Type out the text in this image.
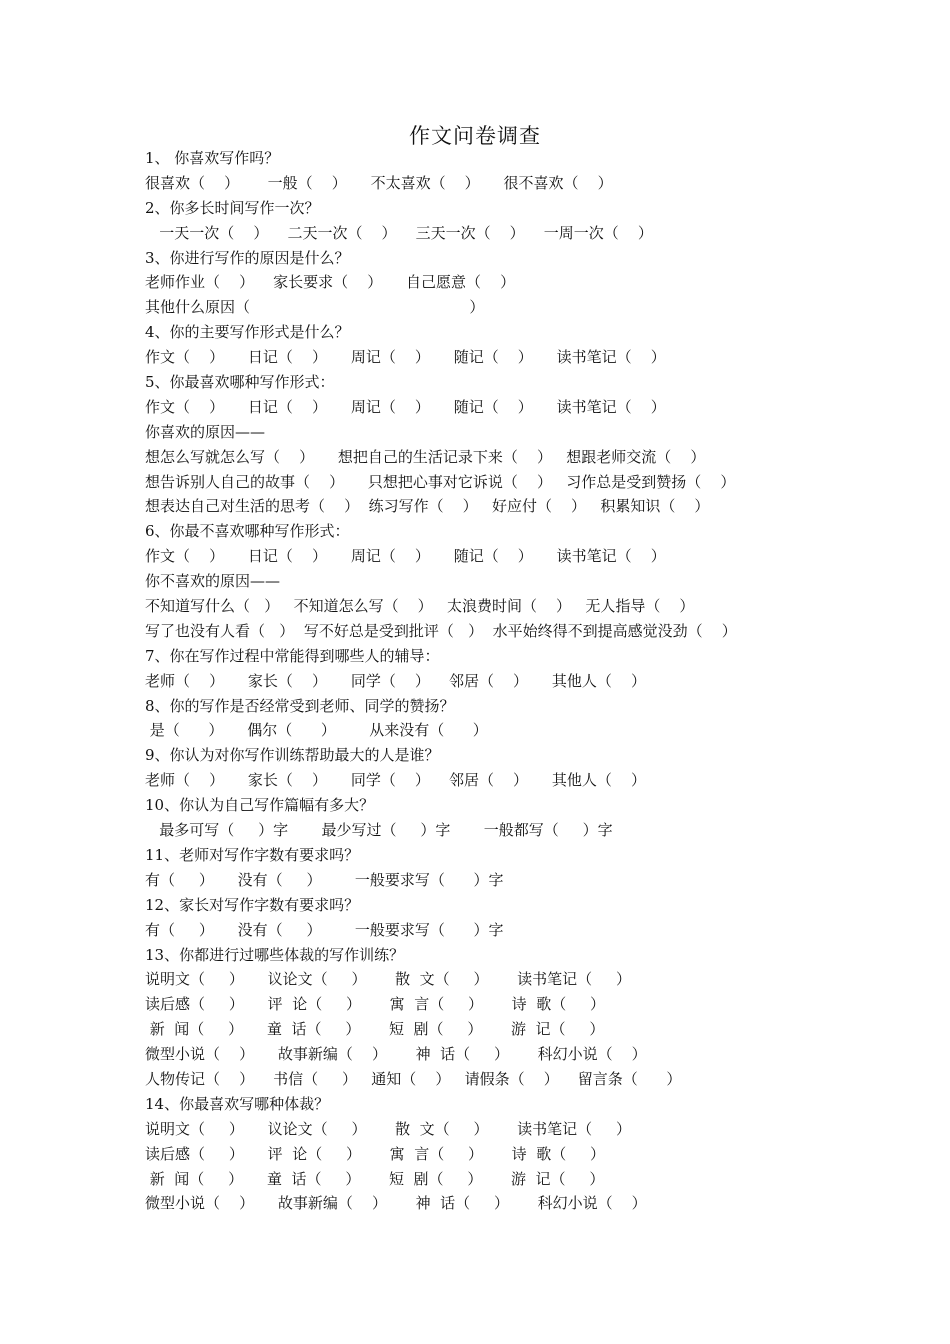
作文问卷调查
1、 你喜欢写作吗？
很喜欢（    ）      一般（    ）     不太喜欢（    ）     很不喜欢（    ）
2、你多长时间写作一次？
一天一次（    ）    二天一次（    ）    三天一次（    ）    一周一次（    ）
3、你进行写作的原因是什么？
老师作业（    ）    家长要求（    ）     自己愿意（    ）
其他什么原因（                                              ）
4、你的主要写作形式是什么？
作文（    ）     日记（    ）     周记（    ）     随记（    ）     读书笔记（    ）
5、你最喜欢哪种写作形式：
作文（    ）     日记（    ）     周记（    ）     随记（    ）     读书笔记（    ）
你喜欢的原因——
想怎么写就怎么写（    ）     想把自己的生活记录下来（    ）   想跟老师交流（    ）
想告诉别人自己的故事（    ）     只想把心事对它诉说（    ）   习作总是受到赞扬（    ）
想表达自己对生活的思考（    ）  练习写作（    ）   好应付（    ）   积累知识（    ）
6、你最不喜欢哪种写作形式：
作文（    ）     日记（    ）     周记（    ）     随记（    ）     读书笔记（    ）
你不喜欢的原因——
不知道写什么（   ）   不知道怎么写（    ）   太浪费时间（    ）   无人指导（    ）
写了也没有人看（   ）  写不好总是受到批评（   ）  水平始终得不到提高感觉没劲（    ）
7、你在写作过程中常能得到哪些人的辅导：
老师（    ）     家长（    ）     同学（    ）    邻居（    ）     其他人（    ）
8、你的写作是否经常受到老师、同学的赞扬？
是（      ）     偶尔（      ）       从来没有（      ）
9、你认为对你写作训练帮助最大的人是谁？
老师（    ）     家长（    ）     同学（    ）    邻居（    ）     其他人（    ）
10、你认为自己写作篇幅有多大？
最多可写（     ）字       最少写过（     ）字       一般都写（     ）字
11、老师对写作字数有要求吗？
有（     ）     没有（     ）       一般要求写（      ）字
12、家长对写作字数有要求吗？
有（     ）     没有（     ）       一般要求写（      ）字
13、你都进行过哪些体裁的写作训练？
说明文（     ）     议论文（     ）      散  文（     ）      读书笔记（     ）
读后感（     ）     评  论（     ）      寓  言（     ）      诗  歌（     ）
新  闻（     ）     童  话（     ）      短  剧（     ）      游  记（     ）
微型小说（    ）     故事新编（    ）      神  话（     ）      科幻小说（    ）
人物传记（    ）    书信（     ）   通知（    ）   请假条（    ）    留言条（      ）
14、你最喜欢写哪种体裁？
说明文（     ）     议论文（     ）      散  文（     ）      读书笔记（     ）
读后感（     ）     评  论（     ）      寓  言（     ）      诗  歌（     ）
新  闻（     ）     童  话（     ）      短  剧（     ）      游  记（     ）
微型小说（    ）     故事新编（    ）      神  话（     ）      科幻小说（    ）
